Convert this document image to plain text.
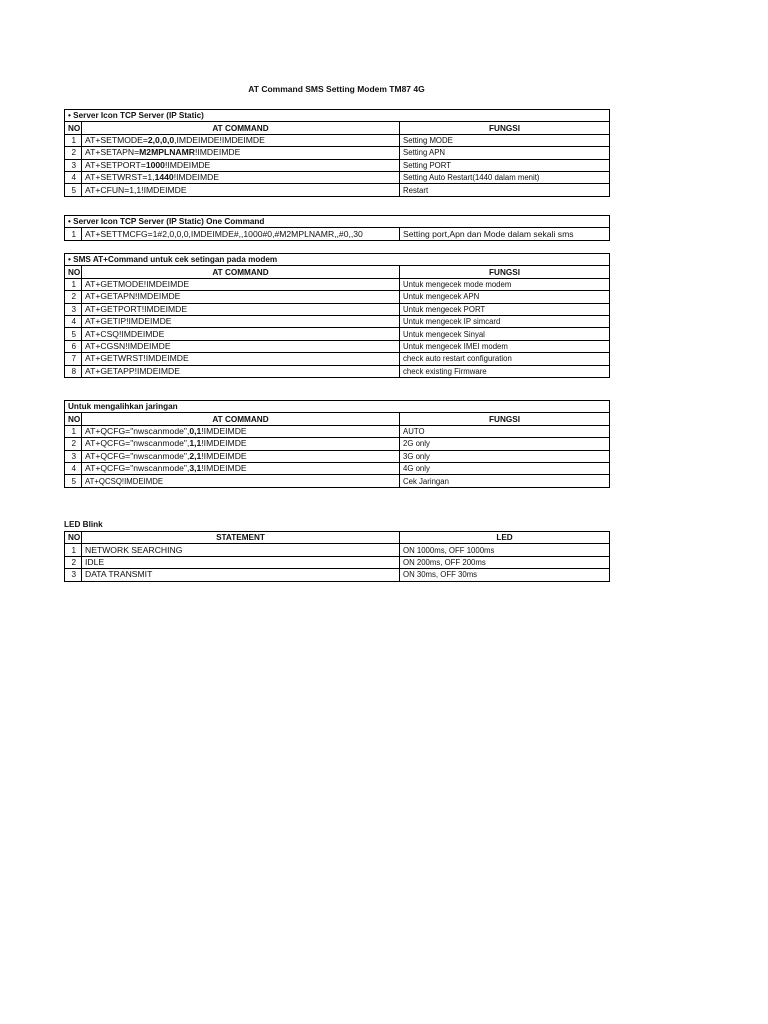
AT Command SMS Setting Modem TM87 4G
• Server Icon TCP Server (IP Static)		
NO	AT COMMAND	FUNGSI
1	AT+SETMODE=2,0,0,0,IMDEIMDE!IMDEIMDE	Setting MODE
2	AT+SETAPN=M2MPLNAMR!IMDEIMDE	Setting APN
3	AT+SETPORT=1000!IMDEIMDE	Setting PORT
4	AT+SETWRST=1,1440!IMDEIMDE	Setting Auto Restart(1440 dalam menit)
5	AT+CFUN=1,1!IMDEIMDE	Restart
• Server Icon TCP Server (IP Static) One Command
1	AT+SETTMCFG=1#2,0,0,0,IMDEIMDE#,,1000#0,#M2MPLNAMR,,#0,,30	Setting port,Apn dan Mode dalam sekali sms
• SMS AT+Command untuk cek setingan pada modem		
NO	AT COMMAND	FUNGSI
1	AT+GETMODE!IMDEIMDE	Untuk mengecek mode modem
2	AT+GETAPN!IMDEIMDE	Untuk mengecek APN
3	AT+GETPORT!IMDEIMDE	Untuk mengecek PORT
4	AT+GETIP!IMDEIMDE	Untuk mengecek IP simcard
5	AT+CSQ!IMDEIMDE	Untuk mengecek Sinyal
6	AT+CGSN!IMDEIMDE	Untuk mengecek IMEI modem
7	AT+GETWRST!IMDEIMDE	check auto restart configuration
8	AT+GETAPP!IMDEIMDE	check existing Firmware
Untuk mengalihkan jaringan		
NO	AT COMMAND	FUNGSI
1	AT+QCFG="nwscanmode",0,1!IMDEIMDE	AUTO
2	AT+QCFG="nwscanmode",1,1!IMDEIMDE	2G only
3	AT+QCFG="nwscanmode",2,1!IMDEIMDE	3G only
4	AT+QCFG="nwscanmode",3,1!IMDEIMDE	4G only
5	AT+QCSQ!IMDEIMDE	Cek Jaringan
LED Blink
NO	STATEMENT	LED
1	NETWORK SEARCHING	ON 1000ms, OFF 1000ms
2	IDLE	ON 200ms, OFF 200ms
3	DATA TRANSMIT	ON 30ms, OFF 30ms
